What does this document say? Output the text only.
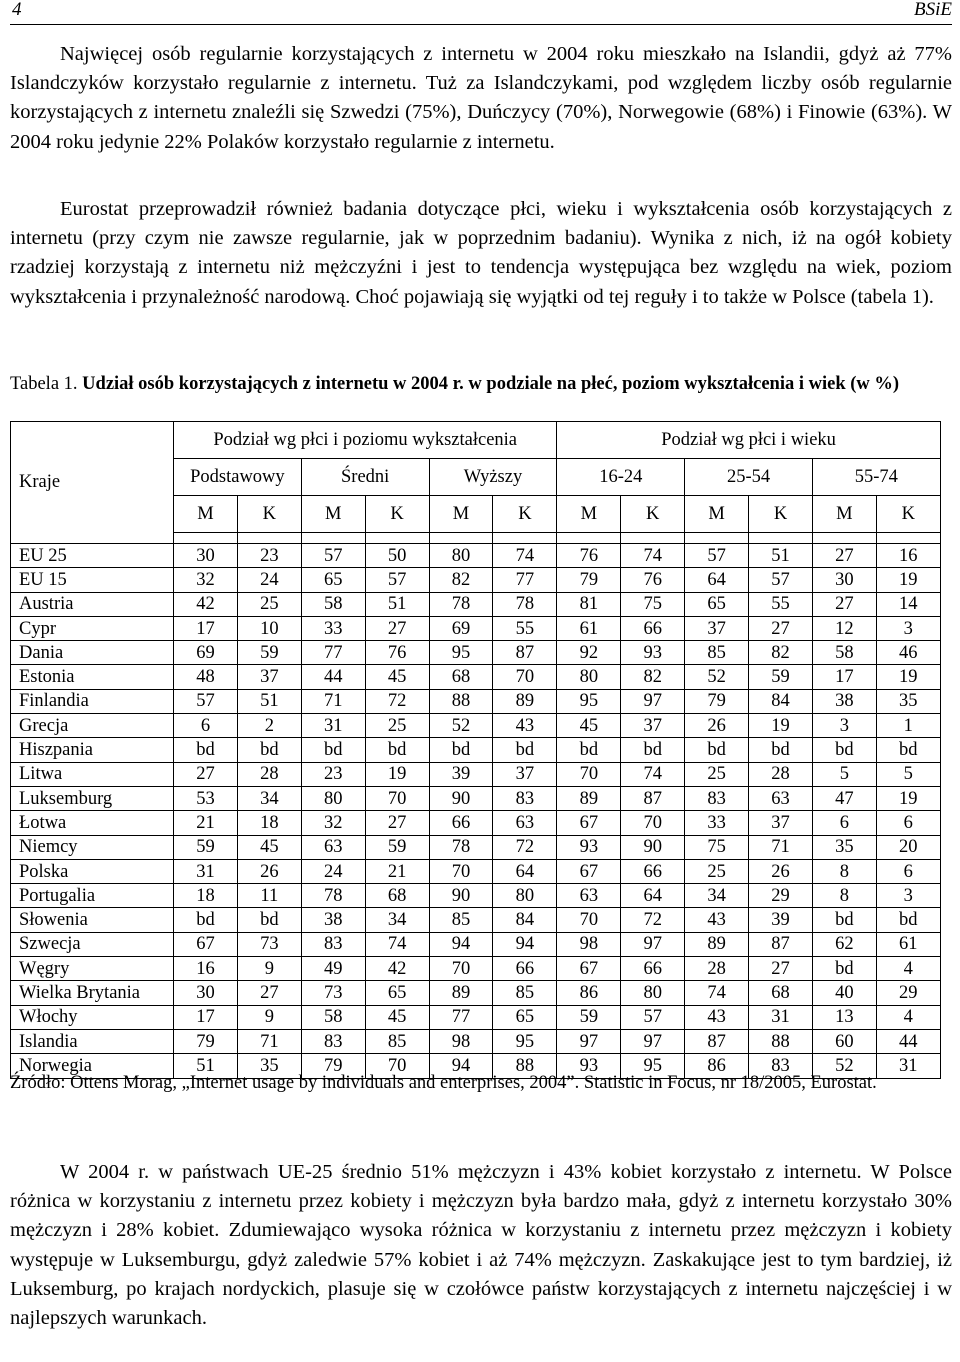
4	BSiE

Najwięcej osób regularnie korzystających z internetu w 2004 roku mieszkało na Islandii, gdyż aż 77% Islandczyków korzystało regularnie z internetu. Tuż za Islandczykami, pod względem liczby osób regularnie korzystających z internetu znaleźli się Szwedzi (75%), Duńczycy (70%), Norwegowie (68%) i Finowie (63%). W 2004 roku jedynie 22% Polaków korzystało regularnie z internetu.

Eurostat przeprowadził również badania dotyczące płci, wieku i wykształcenia osób korzystających z internetu (przy czym nie zawsze regularnie, jak w poprzednim badaniu). Wynika z nich, iż na ogół kobiety rzadziej korzystają z internetu niż mężczyźni i jest to tendencja występująca bez względu na wiek, poziom wykształcenia i przynależność narodową. Choć pojawiają się wyjątki od tej reguły i to także w Polsce (tabela 1).

Tabela 1. Udział osób korzystających z internetu w 2004 r. w podziale na płeć, poziom wykształcenia i wiek (w %)
Kraje	Podział wg płci i poziomu wykształcenia						Podział wg płci i wieku					
	Podstawowy		Średni		Wyższy		16-24		25-54		55-74	
	M	K	M	K	M	K	M	K	M	K	M	K

EU 25	30	23	57	50	80	74	76	74	57	51	27	16
EU 15	32	24	65	57	82	77	79	76	64	57	30	19
Austria	42	25	58	51	78	78	81	75	65	55	27	14
Cypr	17	10	33	27	69	55	61	66	37	27	12	3
Dania	69	59	77	76	95	87	92	93	85	82	58	46
Estonia	48	37	44	45	68	70	80	82	52	59	17	19
Finlandia	57	51	71	72	88	89	95	97	79	84	38	35
Grecja	6	2	31	25	52	43	45	37	26	19	3	1
Hiszpania	bd	bd	bd	bd	bd	bd	bd	bd	bd	bd	bd	bd
Litwa	27	28	23	19	39	37	70	74	25	28	5	5
Luksemburg	53	34	80	70	90	83	89	87	83	63	47	19
Łotwa	21	18	32	27	66	63	67	70	33	37	6	6
Niemcy	59	45	63	59	78	72	93	90	75	71	35	20
Polska	31	26	24	21	70	64	67	66	25	26	8	6
Portugalia	18	11	78	68	90	80	63	64	34	29	8	3
Słowenia	bd	bd	38	34	85	84	70	72	43	39	bd	bd
Szwecja	67	73	83	74	94	94	98	97	89	87	62	61
Węgry	16	9	49	42	70	66	67	66	28	27	bd	4
Wielka Brytania	30	27	73	65	89	85	86	80	74	68	40	29
Włochy	17	9	58	45	77	65	59	57	43	31	13	4
Islandia	79	71	83	85	98	95	97	97	87	88	60	44
Norwegia	51	35	79	70	94	88	93	95	86	83	52	31
Źródło: Ottens Morag, „Internet usage by individuals and enterprises, 2004”. Statistic in Focus, nr 18/2005, Eurostat.

W 2004 r. w państwach UE-25 średnio 51% mężczyzn i 43% kobiet korzystało z internetu. W Polsce różnica w korzystaniu z internetu przez kobiety i mężczyzn była bardzo mała, gdyż z internetu korzystało 30% mężczyzn i 28% kobiet. Zdumiewająco wysoka różnica w korzystaniu z internetu przez mężczyzn i kobiety występuje w Luksemburgu, gdyż zaledwie 57% kobiet i aż 74% mężczyzn. Zaskakujące jest to tym bardziej, iż Luksemburg, po krajach nordyckich, plasuje się w czołówce państw korzystających z internetu najczęściej i w najlepszych warunkach.
